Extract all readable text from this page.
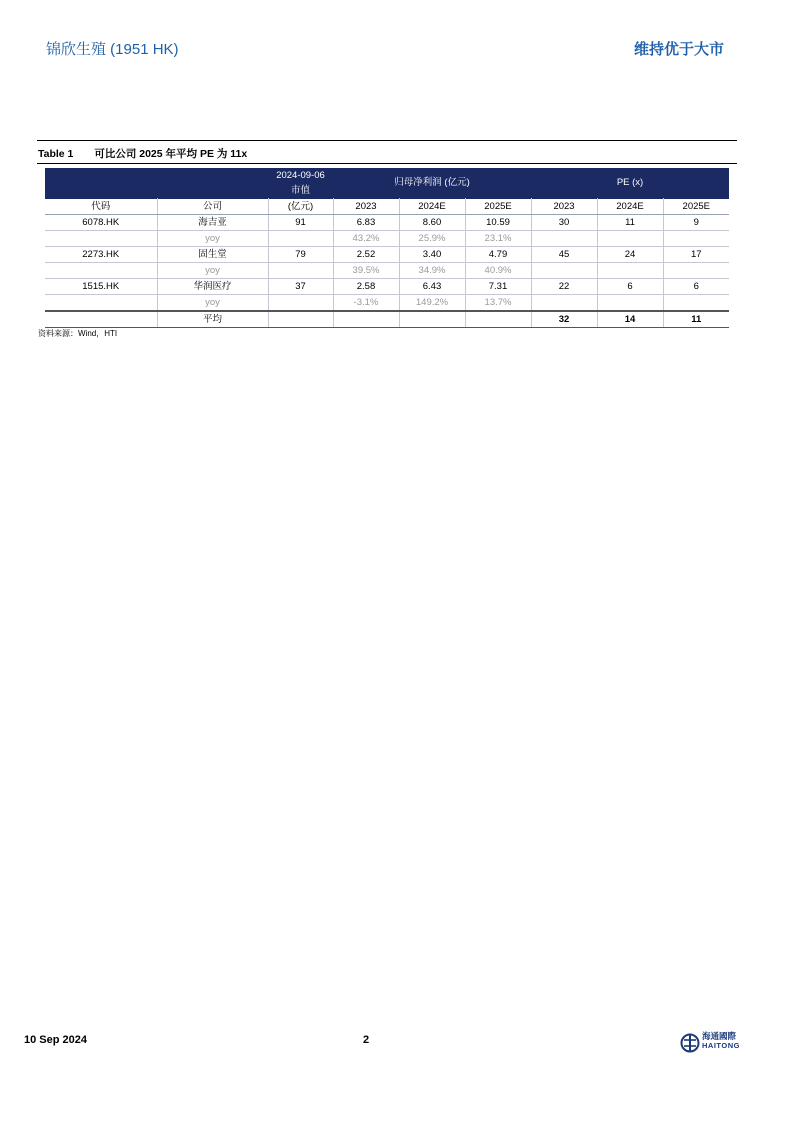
锦欣生殖 (1951 HK)	维持优于大市
Table 1 可比公司 2025 年平均 PE 为 11x
		2024-09-06	归母净利润 (亿元)			PE (x)		
		市值						
代码	公司	(亿元)	2023	2024E	2025E	2023	2024E	2025E
6078.HK	海吉亚	91	6.83	8.60	10.59	30	11	9
	yoy		43.2%	25.9%	23.1%			
2273.HK	固生堂	79	2.52	3.40	4.79	45	24	17
	yoy		39.5%	34.9%	40.9%			
1515.HK	华润医疗	37	2.58	6.43	7.31	22	6	6
	yoy		-3.1%	149.2%	13.7%			
	平均					32	14	11
资料来源：Wind，HTI
10 Sep 2024	2	海通國際
HAITONG
